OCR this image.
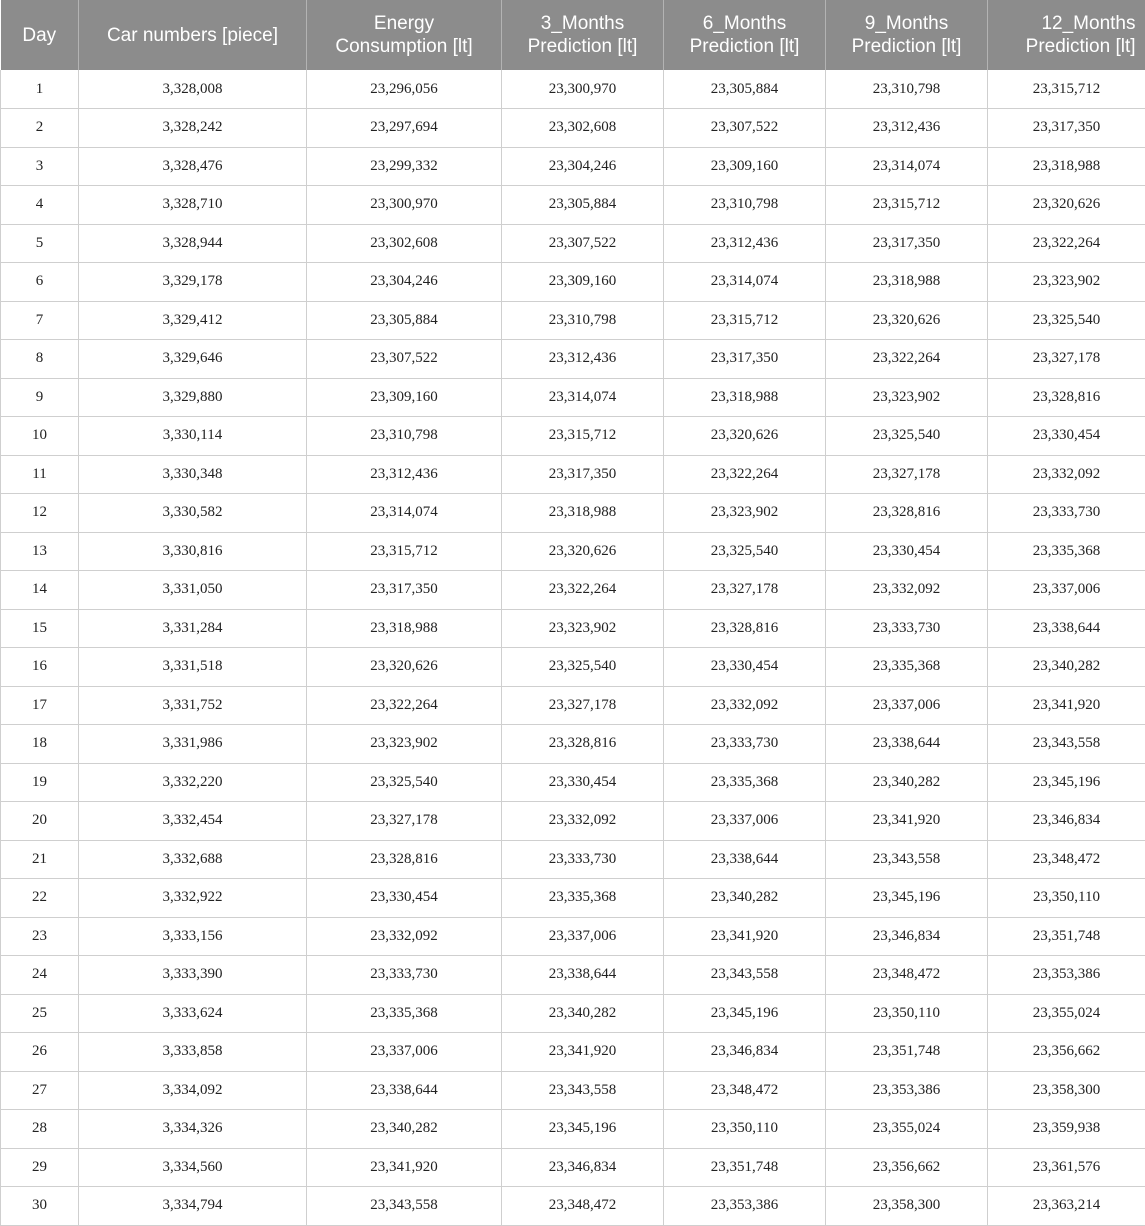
Day	Car numbers [piece]	Energy Consumption [lt]	3_Months Prediction [lt]	6_Months Prediction [lt]	9_Months Prediction [lt]	12_Months Prediction [lt]
1	3,328,008	23,296,056	23,300,970	23,305,884	23,310,798	23,315,712
2	3,328,242	23,297,694	23,302,608	23,307,522	23,312,436	23,317,350
3	3,328,476	23,299,332	23,304,246	23,309,160	23,314,074	23,318,988
4	3,328,710	23,300,970	23,305,884	23,310,798	23,315,712	23,320,626
5	3,328,944	23,302,608	23,307,522	23,312,436	23,317,350	23,322,264
6	3,329,178	23,304,246	23,309,160	23,314,074	23,318,988	23,323,902
7	3,329,412	23,305,884	23,310,798	23,315,712	23,320,626	23,325,540
8	3,329,646	23,307,522	23,312,436	23,317,350	23,322,264	23,327,178
9	3,329,880	23,309,160	23,314,074	23,318,988	23,323,902	23,328,816
10	3,330,114	23,310,798	23,315,712	23,320,626	23,325,540	23,330,454
11	3,330,348	23,312,436	23,317,350	23,322,264	23,327,178	23,332,092
12	3,330,582	23,314,074	23,318,988	23,323,902	23,328,816	23,333,730
13	3,330,816	23,315,712	23,320,626	23,325,540	23,330,454	23,335,368
14	3,331,050	23,317,350	23,322,264	23,327,178	23,332,092	23,337,006
15	3,331,284	23,318,988	23,323,902	23,328,816	23,333,730	23,338,644
16	3,331,518	23,320,626	23,325,540	23,330,454	23,335,368	23,340,282
17	3,331,752	23,322,264	23,327,178	23,332,092	23,337,006	23,341,920
18	3,331,986	23,323,902	23,328,816	23,333,730	23,338,644	23,343,558
19	3,332,220	23,325,540	23,330,454	23,335,368	23,340,282	23,345,196
20	3,332,454	23,327,178	23,332,092	23,337,006	23,341,920	23,346,834
21	3,332,688	23,328,816	23,333,730	23,338,644	23,343,558	23,348,472
22	3,332,922	23,330,454	23,335,368	23,340,282	23,345,196	23,350,110
23	3,333,156	23,332,092	23,337,006	23,341,920	23,346,834	23,351,748
24	3,333,390	23,333,730	23,338,644	23,343,558	23,348,472	23,353,386
25	3,333,624	23,335,368	23,340,282	23,345,196	23,350,110	23,355,024
26	3,333,858	23,337,006	23,341,920	23,346,834	23,351,748	23,356,662
27	3,334,092	23,338,644	23,343,558	23,348,472	23,353,386	23,358,300
28	3,334,326	23,340,282	23,345,196	23,350,110	23,355,024	23,359,938
29	3,334,560	23,341,920	23,346,834	23,351,748	23,356,662	23,361,576
30	3,334,794	23,343,558	23,348,472	23,353,386	23,358,300	23,363,214
